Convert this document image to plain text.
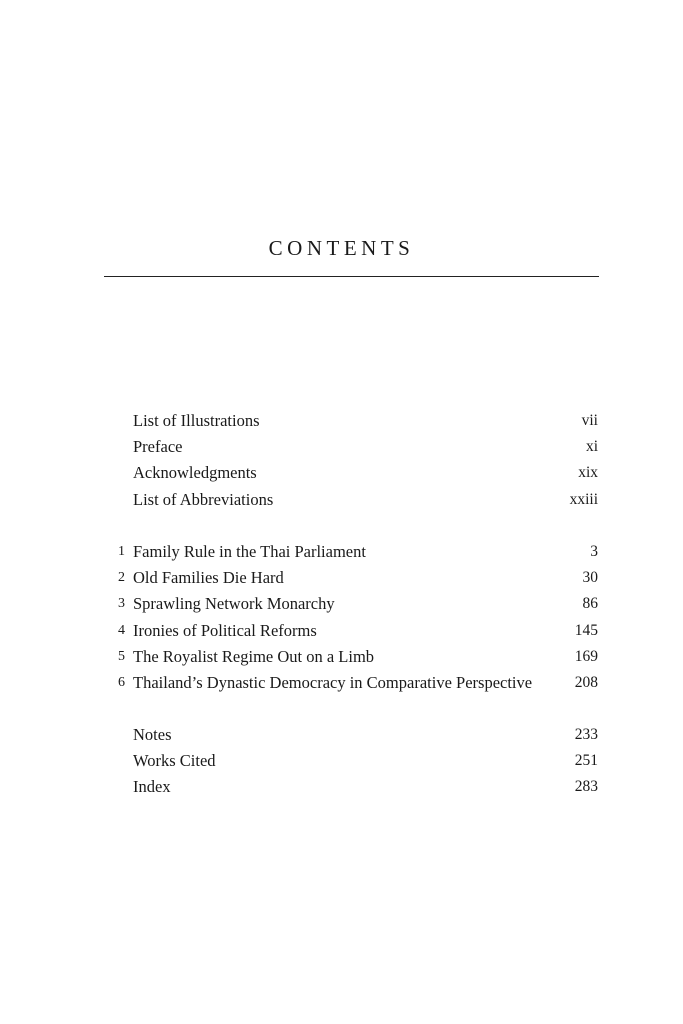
CONTENTS
List of Illustrations	vii
Preface	xi
Acknowledgments	xix
List of Abbreviations	xxiii
1 Family Rule in the Thai Parliament	3
2 Old Families Die Hard	30
3 Sprawling Network Monarchy	86
4 Ironies of Political Reforms	145
5 The Royalist Regime Out on a Limb	169
6 Thailand’s Dynastic Democracy in Comparative Perspective	208
Notes	233
Works Cited	251
Index	283
